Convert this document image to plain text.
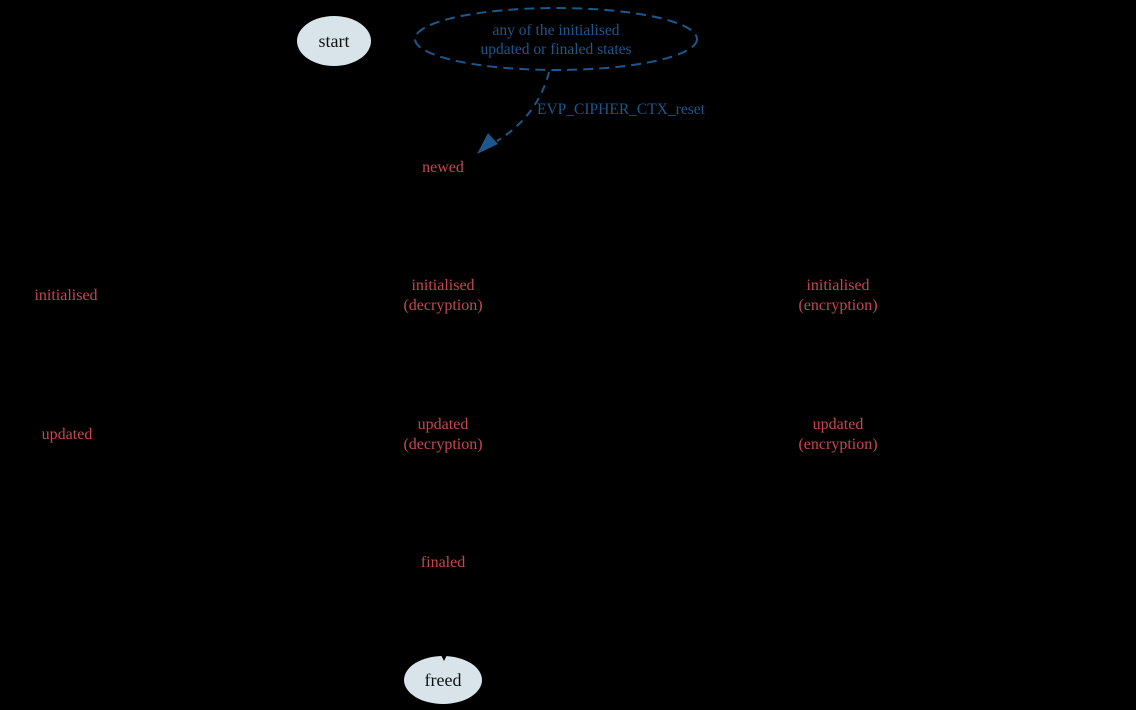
start	any of the initialised
updated or finaled states
EVP_CIPHER_CTX_reset
newed
initialised
initialised
(decryption)
initialised
(encryption)
updated
updated
(decryption)
updated
(encryption)
finaled
freed
